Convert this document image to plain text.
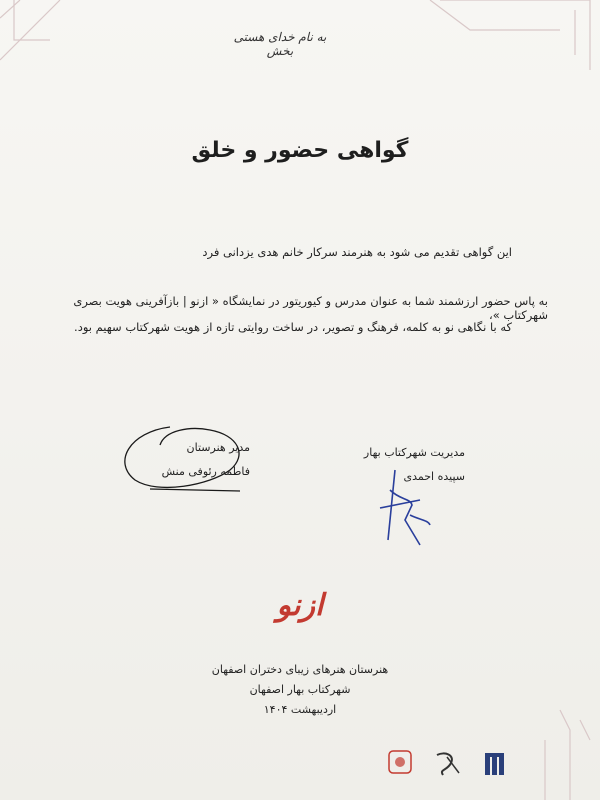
به نام خدای هستی بخش
گواهی حضور و خلق
این گواهی تقدیم می شود به هنرمند سرکار خانم هدی یزدانی فرد
به پاس حضور ارزشمند شما به عنوان مدرس و کیوریتور در نمایشگاه « ازنو | بازآفرینی هویت بصری شهرکتاب »،
که با نگاهی نو به کلمه، فرهنگ و تصویر، در ساخت روایتی تازه از هویت شهرکتاب سهیم بود.
مدیر هنرستان
فاطمه رئوفی منش
مدیریت شهرکتاب بهار
سپیده احمدی
ازنو
هنرستان هنرهای زیبای دختران اصفهان
شهرکتاب بهار اصفهان
اردیبهشت ۱۴۰۴
